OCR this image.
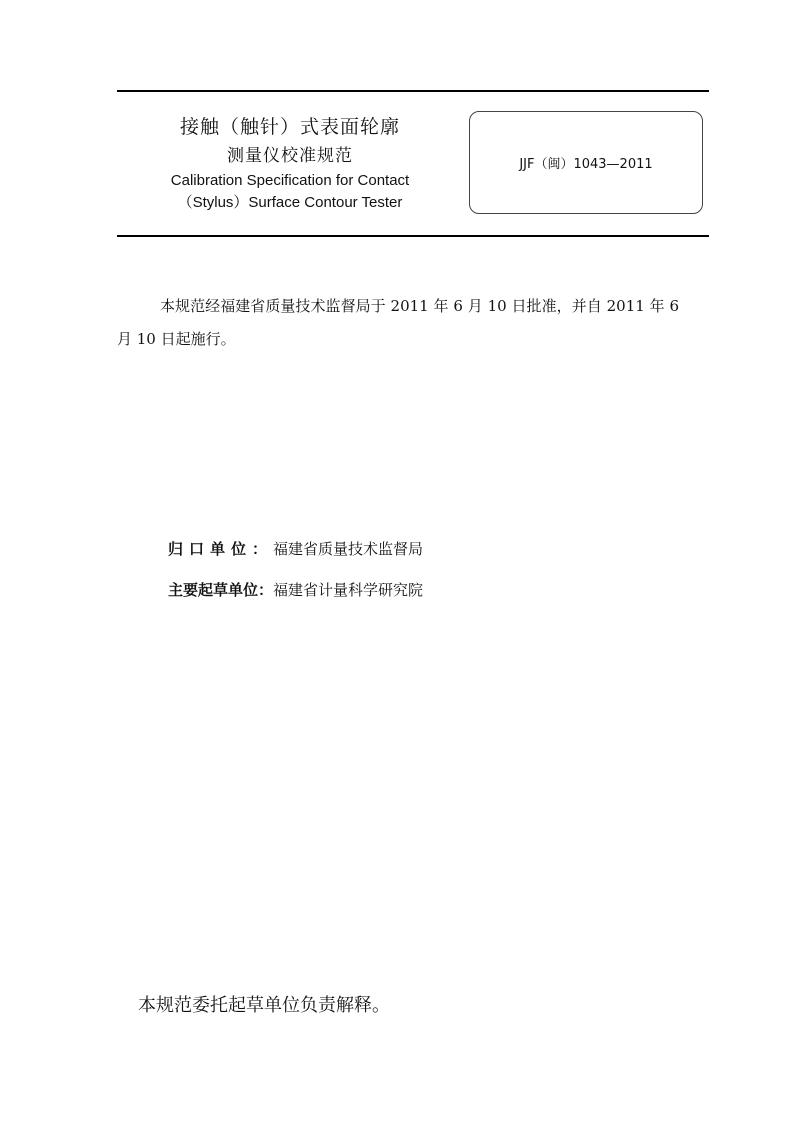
接触（触针）式表面轮廓
测量仪校准规范
Calibration Specification for Contact
（Stylus）Surface Contour Tester
JJF（闽）1043—2011
本规范经福建省质量技术监督局于 2011 年 6 月 10 日批准，并自 2011 年 6 月 10 日起施行。
归口单位：福建省质量技术监督局
主要起草单位：福建省计量科学研究院
本规范委托起草单位负责解释。
